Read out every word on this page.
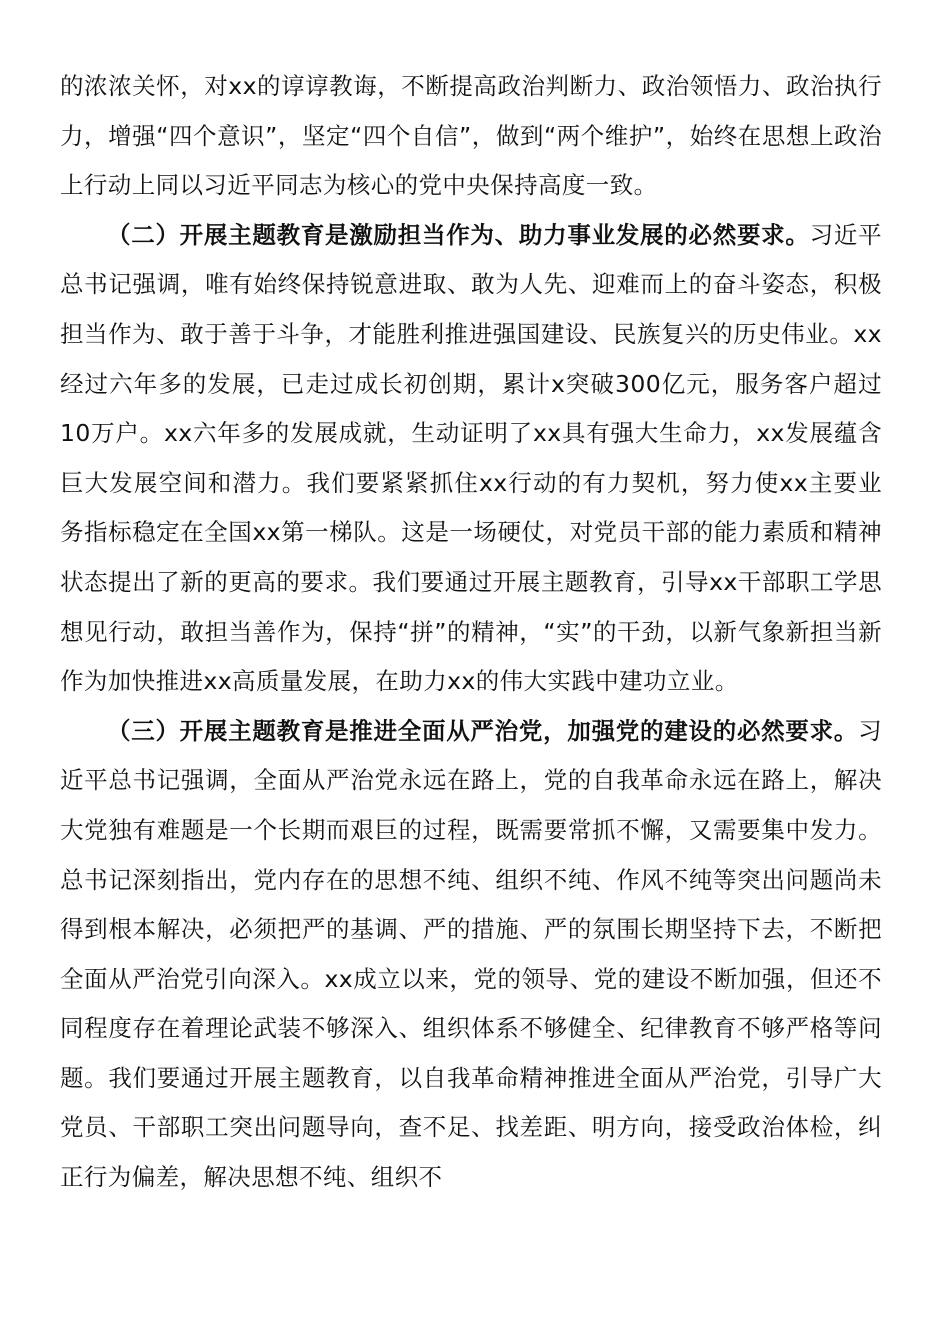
的浓浓关怀，对xx的谆谆教诲，不断提高政治判断力、政治领悟力、政治执行力，增强“四个意识”，坚定“四个自信”，做到“两个维护”，始终在思想上政治上行动上同以习近平同志为核心的党中央保持高度一致。

（二）开展主题教育是激励担当作为、助力事业发展的必然要求。习近平总书记强调，唯有始终保持锐意进取、敢为人先、迎难而上的奋斗姿态，积极担当作为、敢于善于斗争，才能胜利推进强国建设、民族复兴的历史伟业。xx经过六年多的发展，已走过成长初创期，累计x突破300亿元，服务客户超过10万户。xx六年多的发展成就，生动证明了xx具有强大生命力，xx发展蕴含巨大发展空间和潜力。我们要紧紧抓住xx行动的有力契机，努力使xx主要业务指标稳定在全国xx第一梯队。这是一场硬仗，对党员干部的能力素质和精神状态提出了新的更高的要求。我们要通过开展主题教育，引导xx干部职工学思想见行动，敢担当善作为，保持“拼”的精神，“实”的干劲，以新气象新担当新作为加快推进xx高质量发展，在助力xx的伟大实践中建功立业。

（三）开展主题教育是推进全面从严治党，加强党的建设的必然要求。习近平总书记强调，全面从严治党永远在路上，党的自我革命永远在路上，解决大党独有难题是一个长期而艰巨的过程，既需要常抓不懈，又需要集中发力。总书记深刻指出，党内存在的思想不纯、组织不纯、作风不纯等突出问题尚未得到根本解决，必须把严的基调、严的措施、严的氛围长期坚持下去，不断把全面从严治党引向深入。xx成立以来，党的领导、党的建设不断加强，但还不同程度存在着理论武装不够深入、组织体系不够健全、纪律教育不够严格等问题。我们要通过开展主题教育，以自我革命精神推进全面从严治党，引导广大党员、干部职工突出问题导向，查不足、找差距、明方向，接受政治体检，纠正行为偏差，解决思想不纯、组织不
